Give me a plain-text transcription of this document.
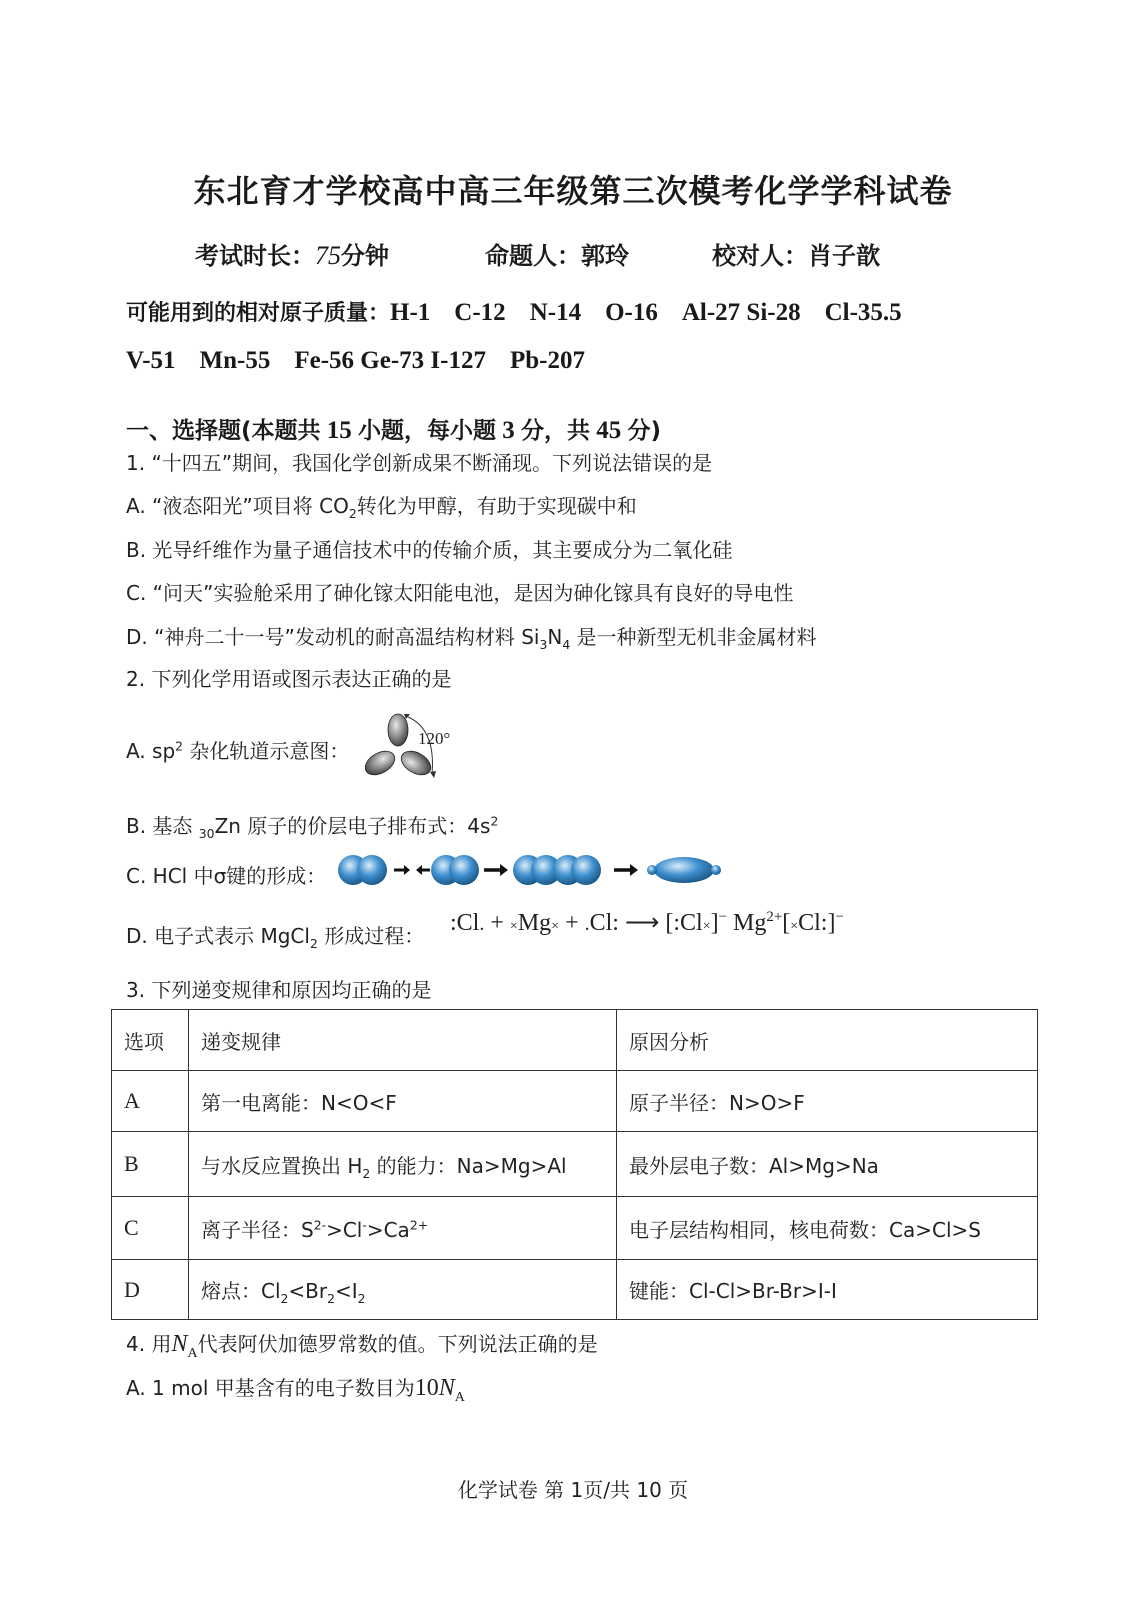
东北育才学校高中高三年级第三次模考化学学科试卷
考试时长：75分钟	命题人：郭玲	校对人：肖子歆
可能用到的相对原子质量：H-1 C-12 N-14 O-16 Al-27 Si-28 Cl-35.5
V-51 Mn-55 Fe-56 Ge-73 I-127 Pb-207
一、选择题(本题共 15 小题，每小题 3 分，共 45 分)
1. “十四五”期间，我国化学创新成果不断涌现。下列说法错误的是
A. “液态阳光”项目将 $CO_2$转化为甲醇，有助于实现碳中和
B. 光导纤维作为量子通信技术中的传输介质，其主要成分为二氧化硅
C. “问天”实验舱采用了砷化镓太阳能电池，是因为砷化镓具有良好的导电性
D. “神舟二十一号”发动机的耐高温结构材料 $Si_3N_4$ 是一种新型无机非金属材料
2. 下列化学用语或图示表达正确的是
A. $sp^2$ 杂化轨道示意图：
120°
B. 基态 $_{30}$Zn 原子的价层电子排布式：$4s^2$
C. HCl 中σ键的形成：
D. 电子式表示 MgCl$_2$ 形成过程： :Cl. + ×Mg× + .Cl: ⟶ [:Cl×]− $Mg^{2+}[\times Cl:]^-$
3. 下列递变规律和原因均正确的是
选项	递变规律	原因分析
A	第一电离能：N<O<F	原子半径：N>O>F
B	与水反应置换出 $H_2$ 的能力：Na>Mg>Al	最外层电子数：Al>Mg>Na
C	离子半径：$S^{2-}>Cl^->Ca^{2+}$	电子层结构相同，核电荷数：Ca>Cl>S
D	熔点：$Cl_2<Br_2<I_2$	键能：Cl-Cl>Br-Br>I-I
4. 用$N_A$代表阿伏加德罗常数的值。下列说法正确的是
A. 1 mol 甲基含有的电子数目为$10N_A$
化学试卷 第 1页/共 10 页
